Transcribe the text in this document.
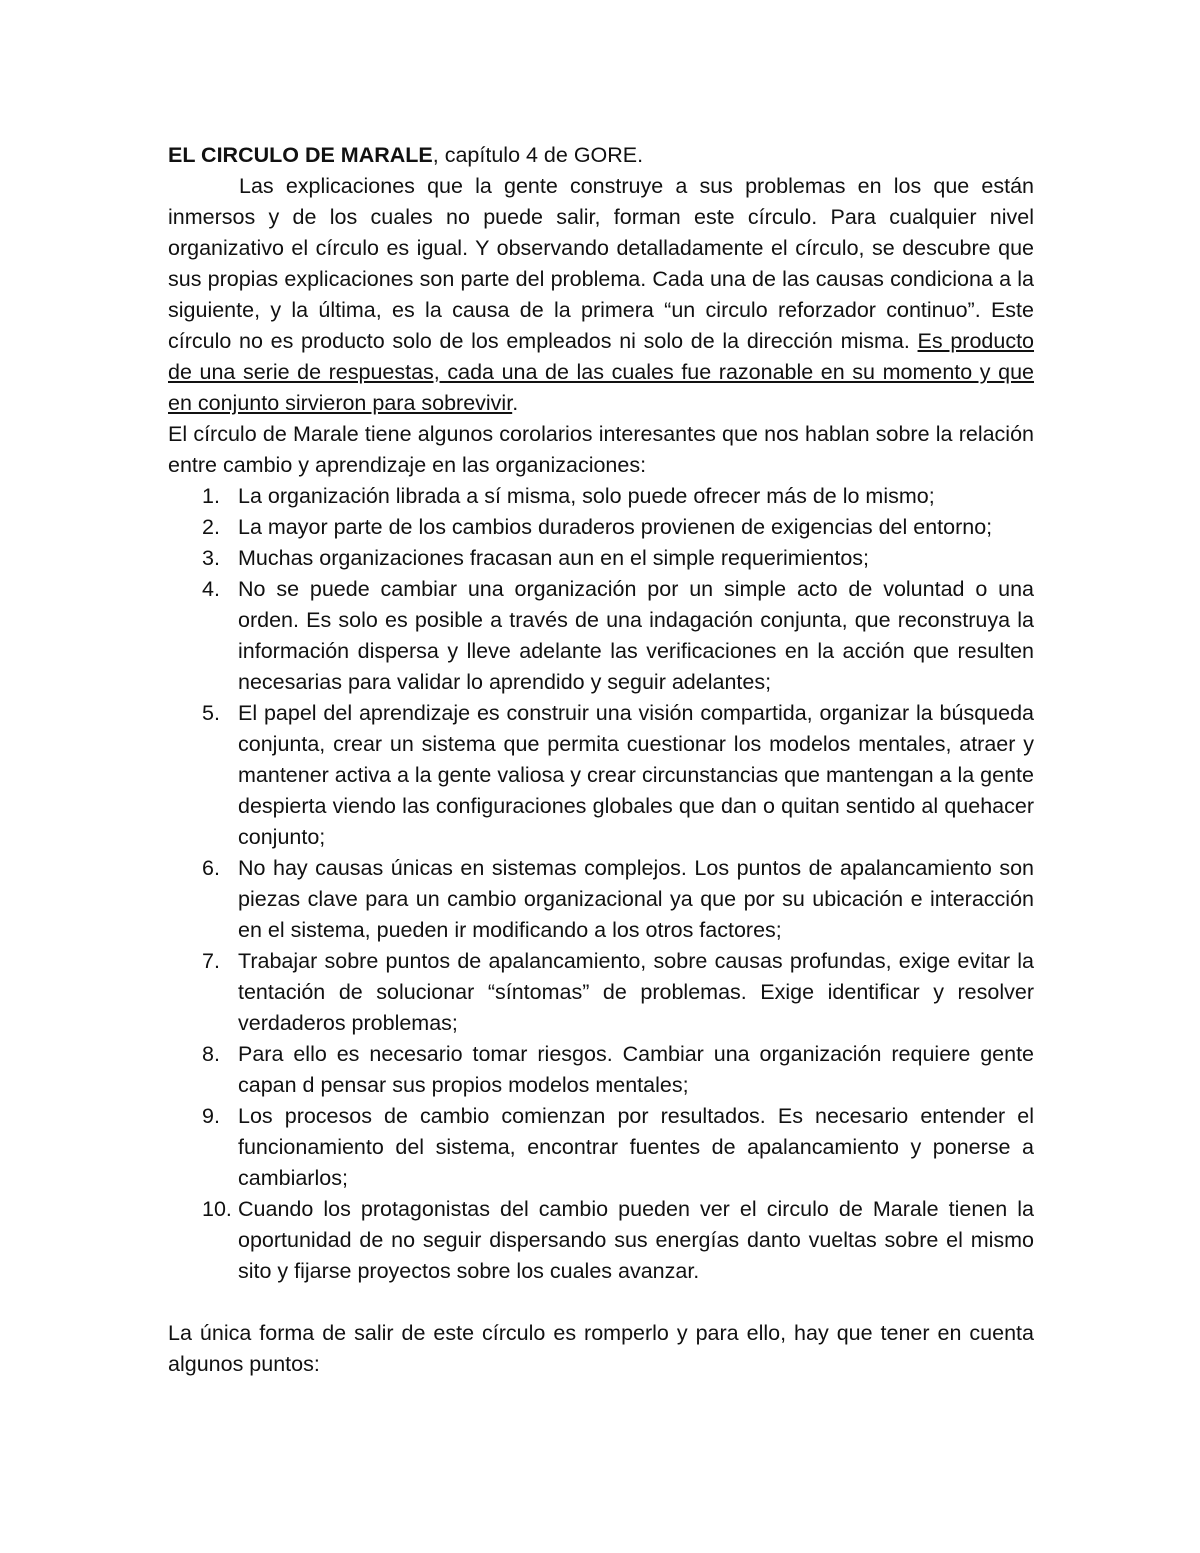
EL CIRCULO DE MARALE, capítulo 4 de GORE.

Las explicaciones que la gente construye a sus problemas en los que están inmersos y de los cuales no puede salir, forman este círculo. Para cualquier nivel organizativo el círculo es igual. Y observando detalladamente el círculo, se descubre que sus propias explicaciones son parte del problema. Cada una de las causas condiciona a la siguiente, y la última, es la causa de la primera “un circulo reforzador continuo”. Este círculo no es producto solo de los empleados ni solo de la dirección misma. Es producto de una serie de respuestas, cada una de las cuales fue razonable en su momento y que en conjunto sirvieron para sobrevivir.

El círculo de Marale tiene algunos corolarios interesantes que nos hablan sobre la relación entre cambio y aprendizaje en las organizaciones:

1. La organización librada a sí misma, solo puede ofrecer más de lo mismo;
2. La mayor parte de los cambios duraderos provienen de exigencias del entorno;
3. Muchas organizaciones fracasan aun en el simple requerimientos;
4. No se puede cambiar una organización por un simple acto de voluntad o una orden. Es solo es posible a través de una indagación conjunta, que reconstruya la información dispersa y lleve adelante las verificaciones en la acción que resulten necesarias para validar lo aprendido y seguir adelantes;
5. El papel del aprendizaje es construir una visión compartida, organizar la búsqueda conjunta, crear un sistema que permita cuestionar los modelos mentales, atraer y mantener activa a la gente valiosa y crear circunstancias que mantengan a la gente despierta viendo las configuraciones globales que dan o quitan sentido al quehacer conjunto;
6. No hay causas únicas en sistemas complejos. Los puntos de apalancamiento son piezas clave para un cambio organizacional ya que por su ubicación e interacción en el sistema, pueden ir modificando a los otros factores;
7. Trabajar sobre puntos de apalancamiento, sobre causas profundas, exige evitar la tentación de solucionar “síntomas” de problemas. Exige identificar y resolver verdaderos problemas;
8. Para ello es necesario tomar riesgos. Cambiar una organización requiere gente capan d pensar sus propios modelos mentales;
9. Los procesos de cambio comienzan por resultados. Es necesario entender el funcionamiento del sistema, encontrar fuentes de apalancamiento y ponerse a cambiarlos;
10. Cuando los protagonistas del cambio pueden ver el circulo de Marale tienen la oportunidad de no seguir dispersando sus energías danto vueltas sobre el mismo sito y fijarse proyectos sobre los cuales avanzar.

La única forma de salir de este círculo es romperlo y para ello, hay que tener en cuenta algunos puntos:
